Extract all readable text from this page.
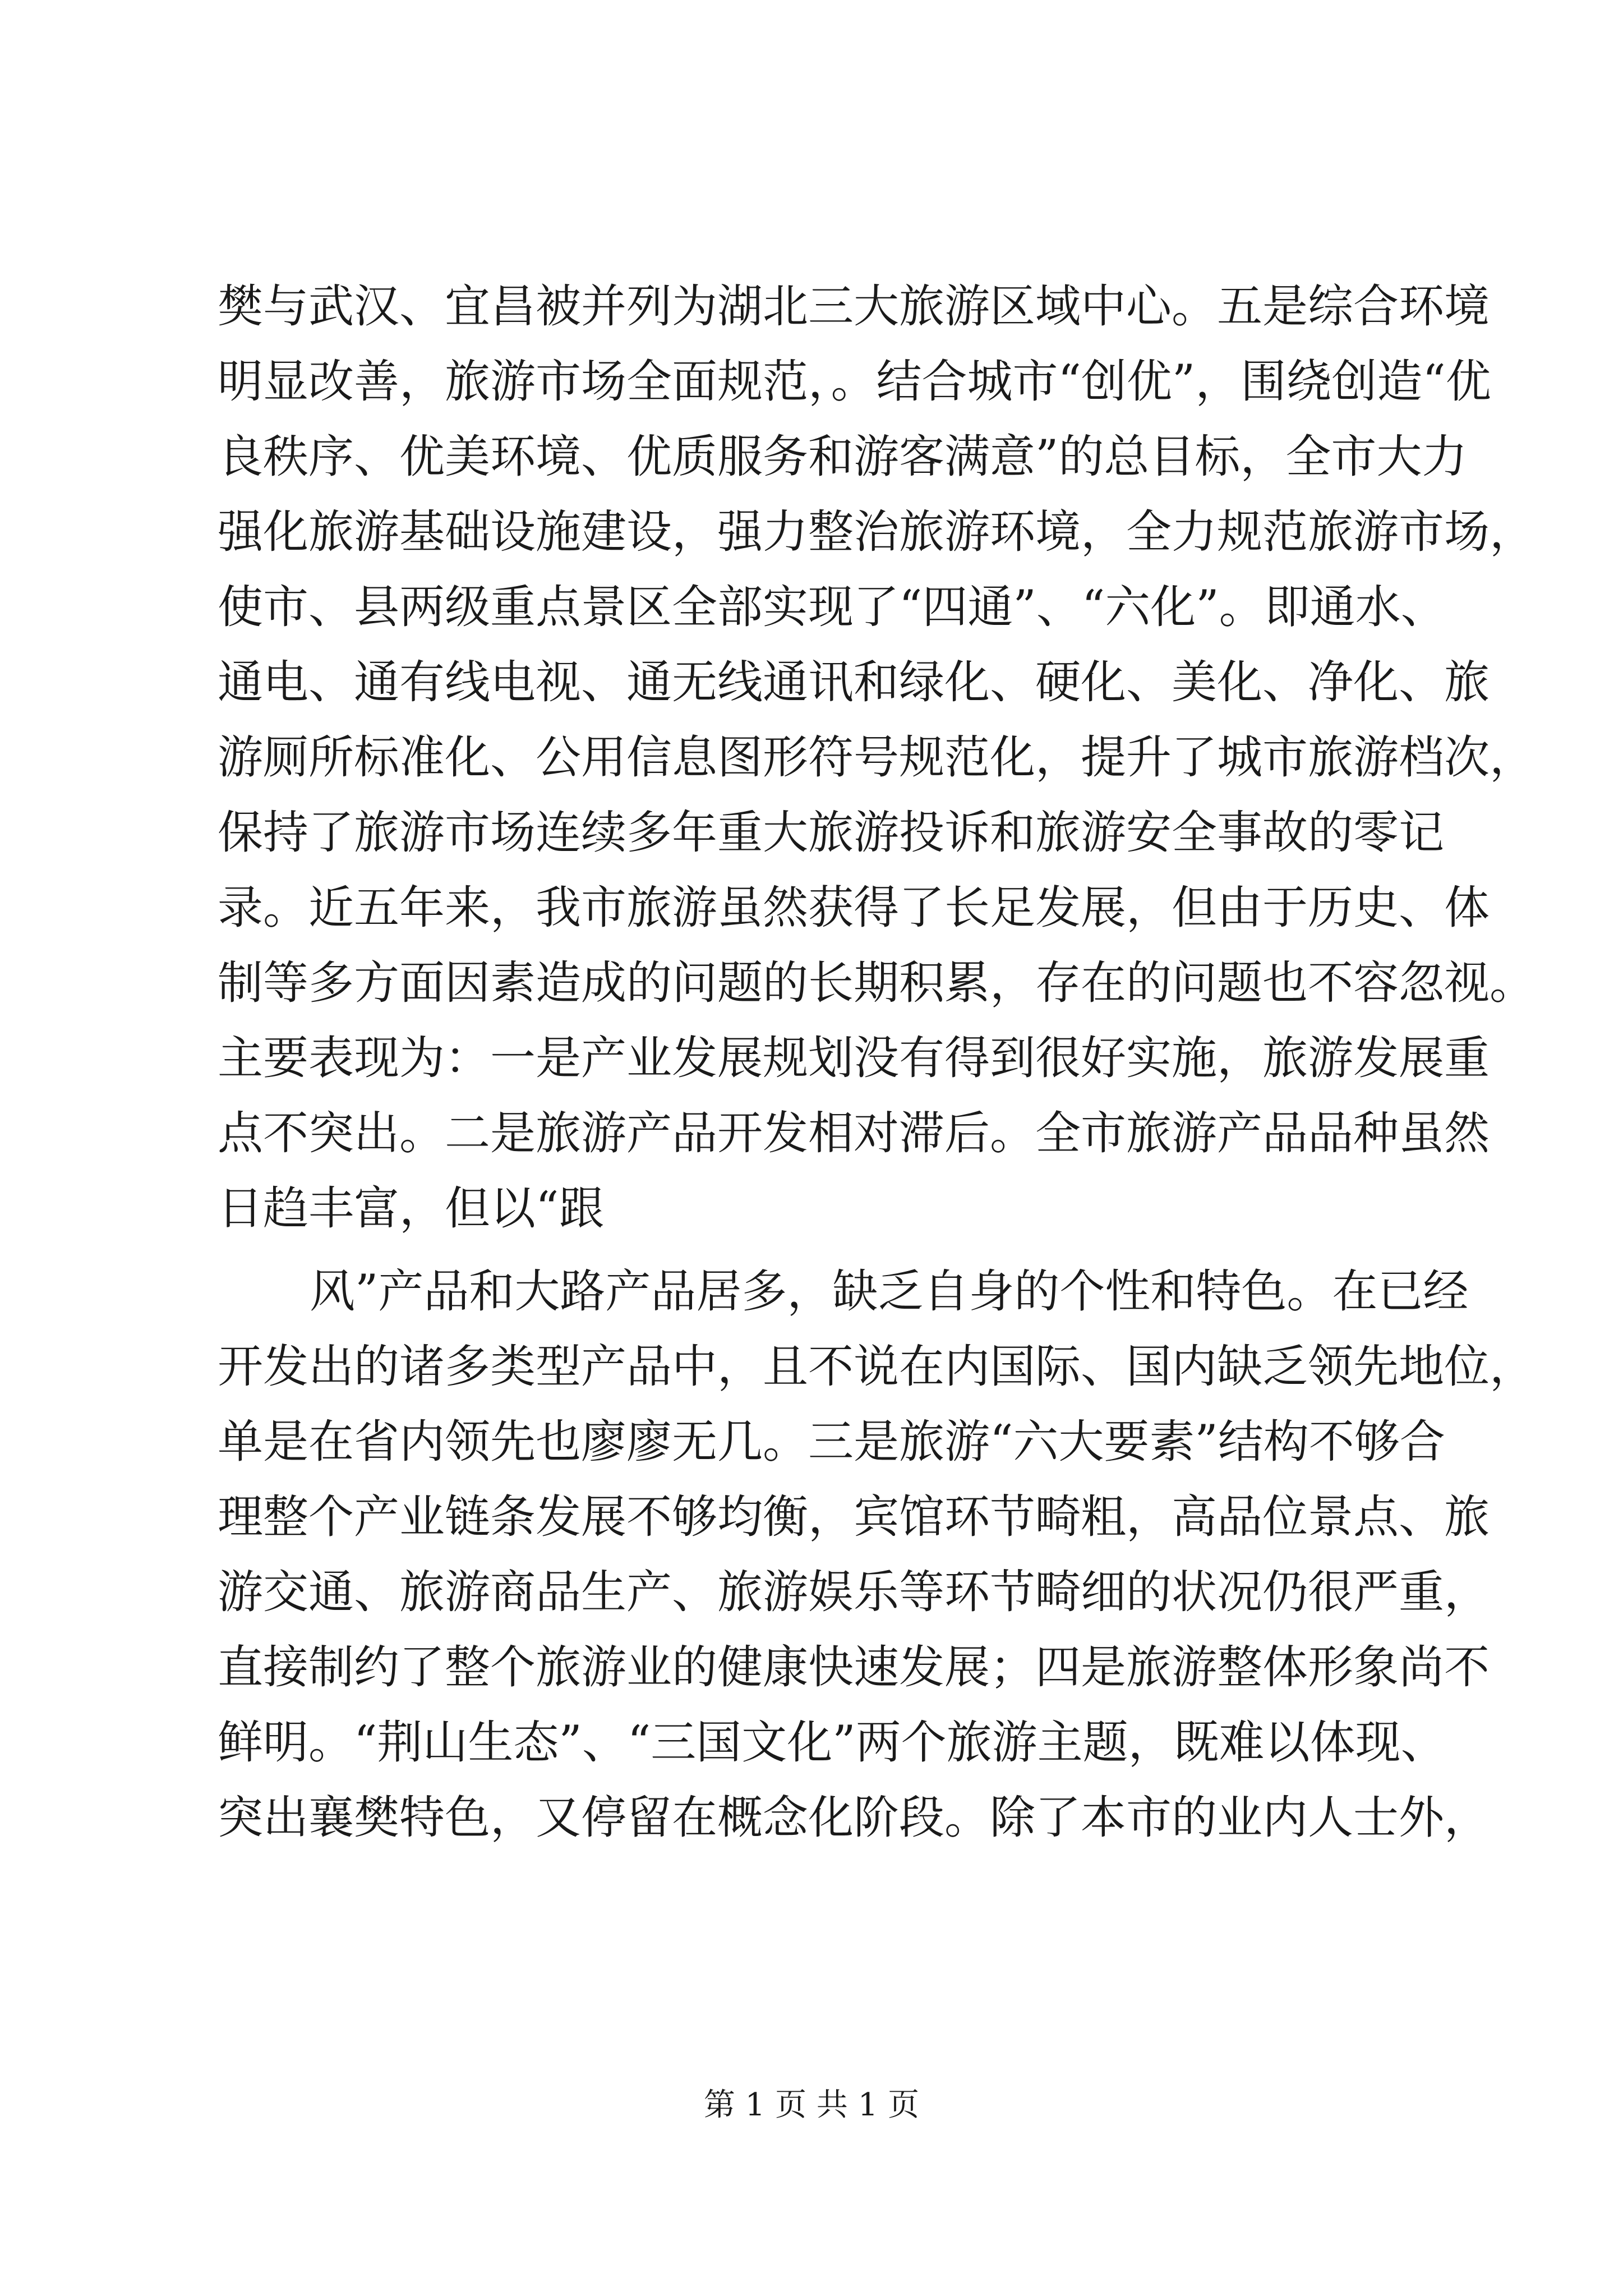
樊与武汉、宜昌被并列为湖北三大旅游区域中心。五是综合环境
明显改善，旅游市场全面规范，。结合城市“创优”，围绕创造“优
良秩序、优美环境、优质服务和游客满意”的总目标，全市大力
强化旅游基础设施建设，强力整治旅游环境，全力规范旅游市场，
使市、县两级重点景区全部实现了“四通”、“六化”。即通水、
通电、通有线电视、通无线通讯和绿化、硬化、美化、净化、旅
游厕所标准化、公用信息图形符号规范化，提升了城市旅游档次，
保持了旅游市场连续多年重大旅游投诉和旅游安全事故的零记
录。近五年来，我市旅游虽然获得了长足发展，但由于历史、体
制等多方面因素造成的问题的长期积累，存在的问题也不容忽视。
主要表现为：一是产业发展规划没有得到很好实施，旅游发展重
点不突出。二是旅游产品开发相对滞后。全市旅游产品品种虽然
日趋丰富，但以“跟
风”产品和大路产品居多，缺乏自身的个性和特色。在已经
开发出的诸多类型产品中，且不说在内国际、国内缺乏领先地位，
单是在省内领先也廖廖无几。三是旅游“六大要素”结构不够合
理整个产业链条发展不够均衡，宾馆环节畸粗，高品位景点、旅
游交通、旅游商品生产、旅游娱乐等环节畸细的状况仍很严重，
直接制约了整个旅游业的健康快速发展；四是旅游整体形象尚不
鲜明。“荆山生态”、“三国文化”两个旅游主题，既难以体现、
突出襄樊特色，又停留在概念化阶段。除了本市的业内人士外，
第 1 页 共 1 页
